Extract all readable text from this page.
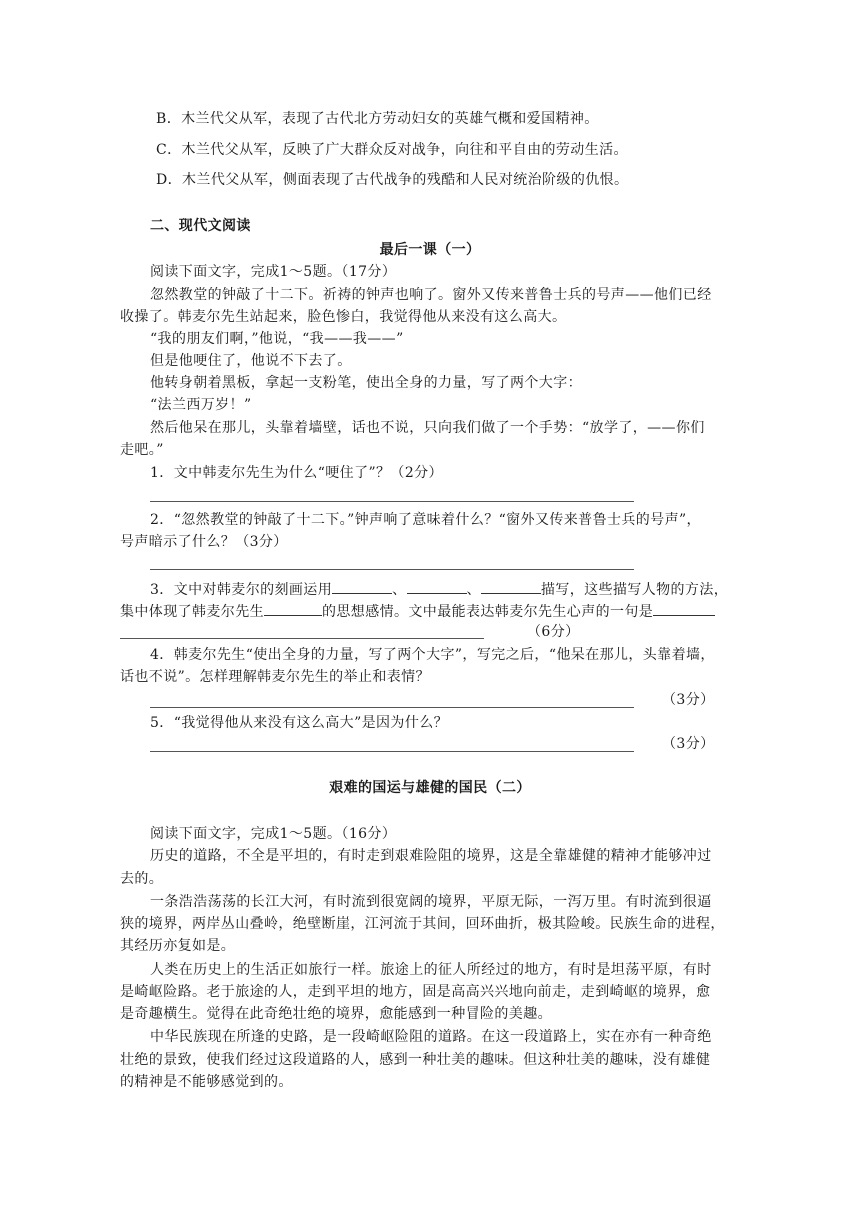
B．木兰代父从军，表现了古代北方劳动妇女的英雄气概和爱国精神。
C．木兰代父从军，反映了广大群众反对战争，向往和平自由的劳动生活。
D．木兰代父从军，侧面表现了古代战争的残酷和人民对统治阶级的仇恨。
二、现代文阅读
最后一课（一）
阅读下面文字，完成1～5题。（17分）
忽然教堂的钟敲了十二下。祈祷的钟声也响了。窗外又传来普鲁士兵的号声——他们已经
收操了。韩麦尔先生站起来，脸色惨白，我觉得他从来没有这么高大。
“我的朋友们啊，”他说，“我——我——”
但是他哽住了，他说不下去了。
他转身朝着黑板，拿起一支粉笔，使出全身的力量，写了两个大字：
“法兰西万岁！”
然后他呆在那儿，头靠着墙壁，话也不说，只向我们做了一个手势：“放学了，——你们
走吧。”
1．文中韩麦尔先生为什么“哽住了”？（2分）
2．“忽然教堂的钟敲了十二下。”钟声响了意味着什么？“窗外又传来普鲁士兵的号声”，
号声暗示了什么？（3分）
3．文中对韩麦尔的刻画运用	、	、	描写，这些描写人物的方法，
集中体现了韩麦尔先生	的思想感情。文中最能表达韩麦尔先生心声的一句是
（6分）
4．韩麦尔先生“使出全身的力量，写了两个大字”，写完之后，“他呆在那儿，头靠着墙，
话也不说”。怎样理解韩麦尔先生的举止和表情？
（3分）
5．“我觉得他从来没有这么高大”是因为什么？
（3分）
艰难的国运与雄健的国民（二）
阅读下面文字，完成1～5题。（16分）
历史的道路，不全是平坦的，有时走到艰难险阻的境界，这是全靠雄健的精神才能够冲过
去的。
一条浩浩荡荡的长江大河，有时流到很宽阔的境界，平原无际，一泻万里。有时流到很逼
狭的境界，两岸丛山叠岭，绝壁断崖，江河流于其间，回环曲折，极其险峻。民族生命的进程，
其经历亦复如是。
人类在历史上的生活正如旅行一样。旅途上的征人所经过的地方，有时是坦荡平原，有时
是崎岖险路。老于旅途的人，走到平坦的地方，固是高高兴兴地向前走，走到崎岖的境界，愈
是奇趣横生。觉得在此奇绝壮绝的境界，愈能感到一种冒险的美趣。
中华民族现在所逢的史路，是一段崎岖险阻的道路。在这一段道路上，实在亦有一种奇绝
壮绝的景致，使我们经过这段道路的人，感到一种壮美的趣味。但这种壮美的趣味，没有雄健
的精神是不能够感觉到的。
